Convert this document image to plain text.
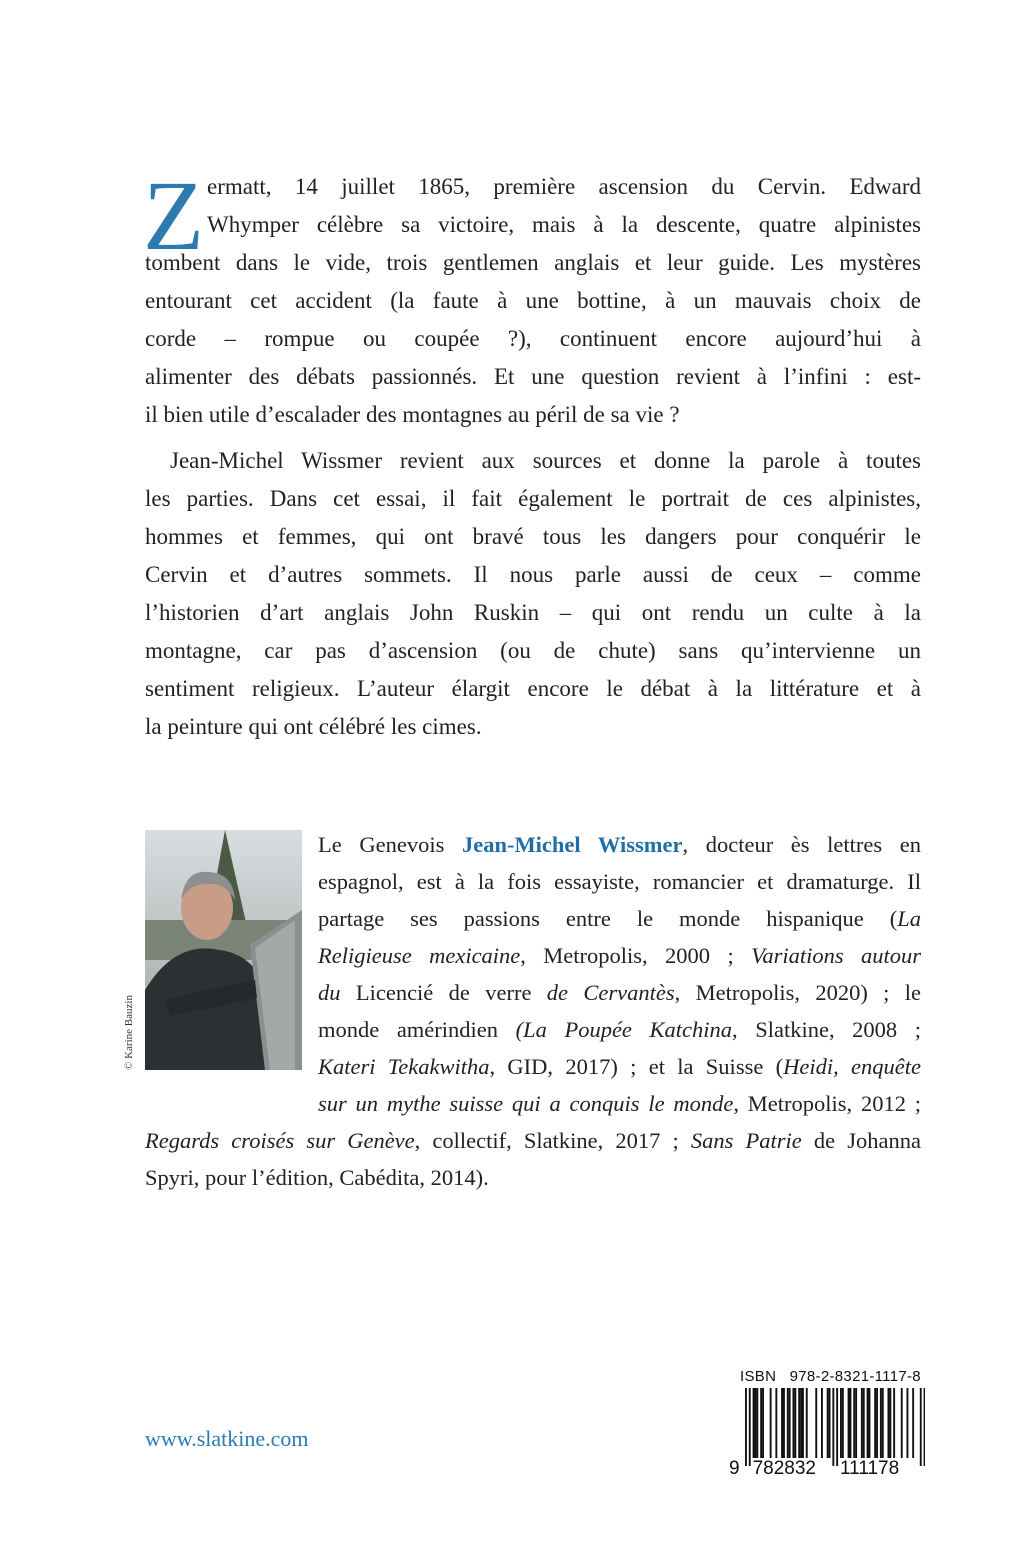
Z ermatt, 14 juillet 1865, première ascension du Cervin. Edward
Whymper célèbre sa victoire, mais à la descente, quatre alpinistes
tombent dans le vide, trois gentlemen anglais et leur guide. Les mystères
entourant cet accident (la faute à une bottine, à un mauvais choix de
corde – rompue ou coupée ?), continuent encore aujourd’hui à
alimenter des débats passionnés. Et une question revient à l’infini : est-
il bien utile d’escalader des montagnes au péril de sa vie ?
Jean-Michel Wissmer revient aux sources et donne la parole à toutes
les parties. Dans cet essai, il fait également le portrait de ces alpinistes,
hommes et femmes, qui ont bravé tous les dangers pour conquérir le
Cervin et d’autres sommets. Il nous parle aussi de ceux – comme
l’historien d’art anglais John Ruskin – qui ont rendu un culte à la
montagne, car pas d’ascension (ou de chute) sans qu’intervienne un
sentiment religieux. L’auteur élargit encore le débat à la littérature et à
la peinture qui ont célébré les cimes.
© Karine Bauzin
Le Genevois Jean-Michel Wissmer, docteur ès lettres en
espagnol, est à la fois essayiste, romancier et dramaturge. Il
partage ses passions entre le monde hispanique (La
Religieuse mexicaine, Metropolis, 2000 ; Variations autour
du Licencié de verre de Cervantès, Metropolis, 2020) ; le
monde amérindien (La Poupée Katchina, Slatkine, 2008 ;
Kateri Tekakwitha, GID, 2017) ; et la Suisse (Heidi, enquête
sur un mythe suisse qui a conquis le monde, Metropolis, 2012 ;
Regards croisés sur Genève, collectif, Slatkine, 2017 ; Sans Patrie de Johanna
Spyri, pour l’édition, Cabédita, 2014).
ISBN 978-2-8321-1117-8
9 782832 111178
www.slatkine.com
